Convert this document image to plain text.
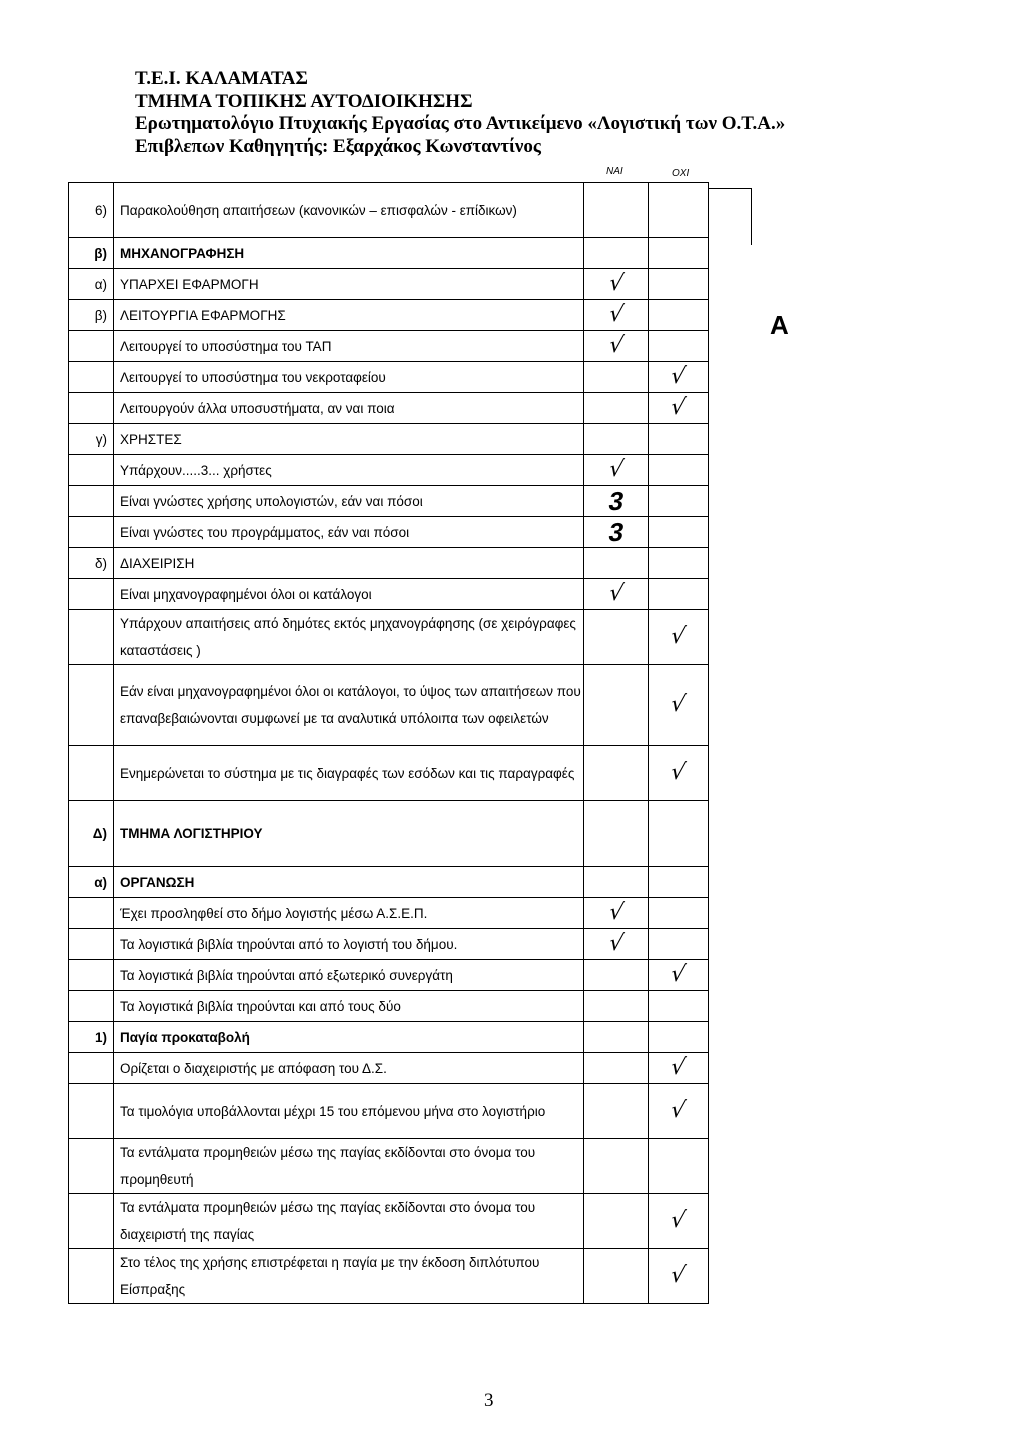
Τ.Ε.Ι. ΚΑΛΑΜΑΤΑΣ
ΤΜΗΜΑ ΤΟΠΙΚΗΣ ΑΥΤΟΔΙΟΙΚΗΣΗΣ
Ερωτηματολόγιο Πτυχιακής Εργασίας στο Αντικείμενο «Λογιστική των Ο.Τ.Α.»
Επιβλεπων Καθηγητής: Εξαρχάκος Κωνσταντίνος
ΝΑΙ	ΟΧΙ
6)	Παρακολούθηση απαιτήσεων (κανονικών – επισφαλών - επίδικων)			
β)	ΜΗΧΑΝΟΓΡΑΦΗΣΗ			
α)	ΥΠΑΡΧΕΙ ΕΦΑΡΜΟΓΗ	√		
β)	ΛΕΙΤΟΥΡΓΙΑ ΕΦΑΡΜΟΓΗΣ	√		
	Λειτουργεί το υποσύστημα του ΤΑΠ	√		
	Λειτουργεί το υποσύστημα του νεκροταφείου		√	
	Λειτουργούν άλλα υποσυστήματα, αν ναι ποια		√	
γ)	ΧΡΗΣΤΕΣ			
	Υπάρχουν.....3... χρήστες	√		
	Είναι γνώστες χρήσης υπολογιστών, εάν ναι πόσοι	3		
	Είναι γνώστες του προγράμματος, εάν ναι πόσοι	3		
δ)	ΔΙΑΧΕΙΡΙΣΗ			
	Είναι μηχανογραφημένοι όλοι οι κατάλογοι	√		
	Υπάρχουν απαιτήσεις από δημότες εκτός μηχανογράφησης (σε χειρόγραφες καταστάσεις )		√	
	Εάν είναι μηχανογραφημένοι όλοι οι κατάλογοι, το ύψος των απαιτήσεων που επαναβεβαιώνονται συμφωνεί με τα αναλυτικά υπόλοιπα των οφειλετών		√	
	Ενημερώνεται το σύστημα με τις διαγραφές των εσόδων και τις παραγραφές		√	
Δ)	ΤΜΗΜΑ ΛΟΓΙΣΤΗΡΙΟΥ			
α)	ΟΡΓΑΝΩΣΗ			
	Έχει προσληφθεί στο δήμο λογιστής μέσω Α.Σ.Ε.Π.	√		
	Τα λογιστικά βιβλία τηρούνται από το λογιστή του δήμου.	√		
	Τα λογιστικά βιβλία τηρούνται από εξωτερικό συνεργάτη		√	
	Τα λογιστικά βιβλία τηρούνται και από τους δύο			
1)	Παγία προκαταβολή			
	Ορίζεται ο διαχειριστής με απόφαση του Δ.Σ.		√	
	Τα τιμολόγια υποβάλλονται μέχρι 15 του επόμενου μήνα στο λογιστήριο		√	
	Τα εντάλματα προμηθειών μέσω της παγίας εκδίδονται στο όνομα του προμηθευτή			
	Τα εντάλματα προμηθειών μέσω της παγίας εκδίδονται στο όνομα του διαχειριστή της παγίας		√	
	Στο τέλος της χρήσης επιστρέφεται η παγία με την έκδοση διπλότυπου Είσπραξης		√	
Α
3
